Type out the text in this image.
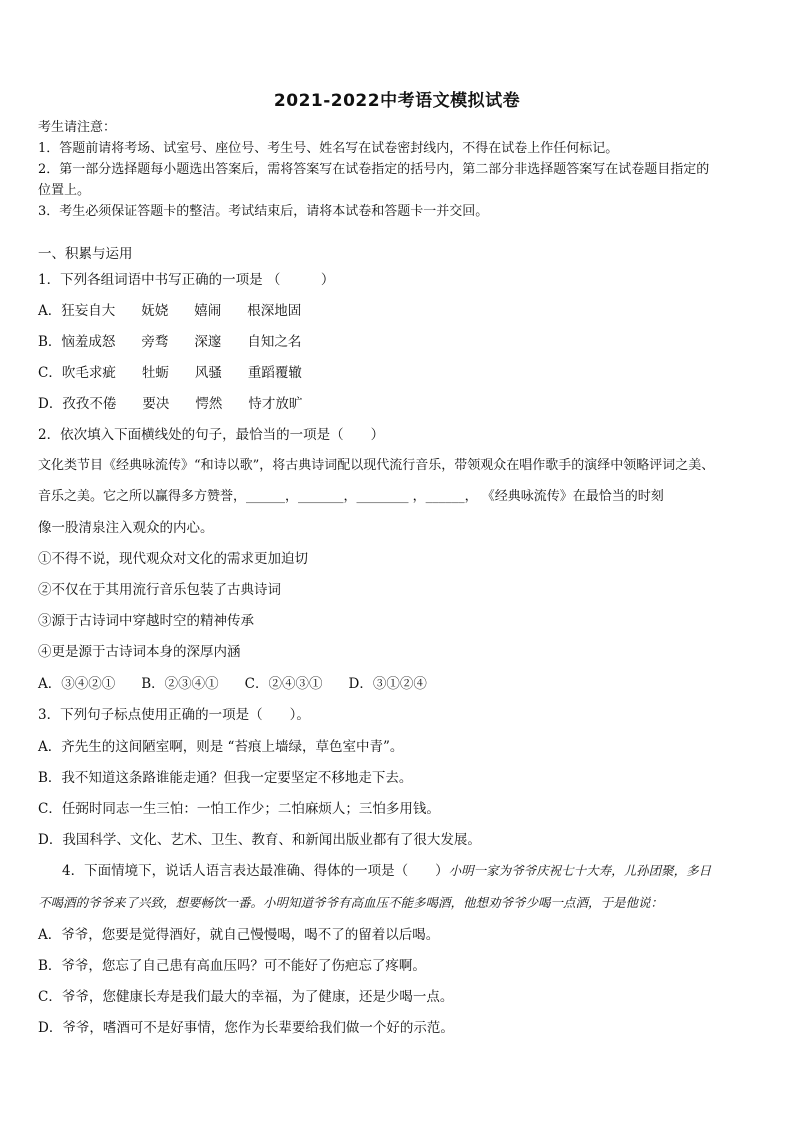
2021-2022中考语文模拟试卷
考生请注意：
1．答题前请将考场、试室号、座位号、考生号、姓名写在试卷密封线内，不得在试卷上作任何标记。
2．第一部分选择题每小题选出答案后，需将答案写在试卷指定的括号内，第二部分非选择题答案写在试卷题目指定的
位置上。
3．考生必须保证答题卡的整洁。考试结束后，请将本试卷和答题卡一并交回。
一、积累与运用
1．下列各组词语中书写正确的一项是 （　　　）
A．狂妄自大 妩娆 嬉闹 根深地固
B．恼羞成怒 旁骛 深邃 自知之名
C．吹毛求疵 牡蛎 风骚 重蹈覆辙
D．孜孜不倦 要决 愕然 恃才放旷
2．依次填入下面横线处的句子，最恰当的一项是（　　）
文化类节目《经典咏流传》“和诗以歌”，将古典诗词配以现代流行音乐，带领观众在唱作歌手的演绎中领略评词之美、
音乐之美。它之所以赢得多方赞誉，______，_______，________ ，______， 《经典咏流传》在最恰当的时刻
像一股清泉注入观众的内心。
①不得不说，现代观众对文化的需求更加迫切
②不仅在于其用流行音乐包装了古典诗词
③源于古诗词中穿越时空的精神传承
④更是源于古诗词本身的深厚内涵
A．③④②① B．②③④① C．②④③① D．③①②④
3．下列句子标点使用正确的一项是（　　）。
A．齐先生的这间陋室啊，则是 “苔痕上墙绿，草色室中青”。
B．我不知道这条路谁能走通？但我一定要坚定不移地走下去。
C．任弼时同志一生三怕：一怕工作少；二怕麻烦人；三怕多用钱。
D．我国科学、文化、艺术、卫生、教育、和新闻出版业都有了很大发展。
4．下面情境下，说话人语言表达最准确、得体的一项是（　　）小明一家为爷爷庆祝七十大寿，儿孙团聚，多日
不喝酒的爷爷来了兴致，想要畅饮一番。小明知道爷爷有高血压不能多喝酒，他想劝爷爷少喝一点酒，于是他说：
A．爷爷，您要是觉得酒好，就自己慢慢喝，喝不了的留着以后喝。
B．爷爷，您忘了自己患有高血压吗？可不能好了伤疤忘了疼啊。
C．爷爷，您健康长寿是我们最大的幸福，为了健康，还是少喝一点。
D．爷爷，嗜酒可不是好事情，您作为长辈要给我们做一个好的示范。
